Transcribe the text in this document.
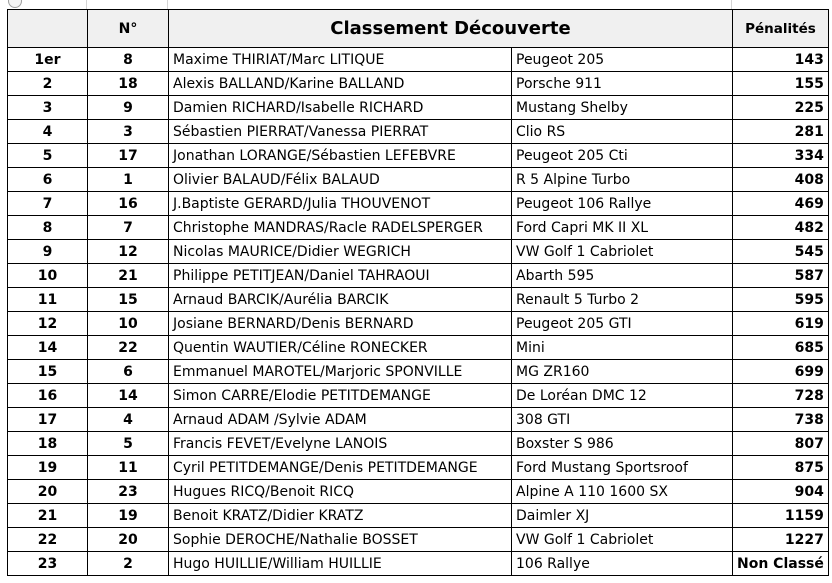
	N°	Classement Découverte		Pénalités
1er	8	Maxime THIRIAT/Marc LITIQUE	Peugeot 205	143
2	18	Alexis BALLAND/Karine BALLAND	Porsche 911	155
3	9	Damien RICHARD/Isabelle RICHARD	Mustang Shelby	225
4	3	Sébastien PIERRAT/Vanessa PIERRAT	Clio RS	281
5	17	Jonathan LORANGE/Sébastien LEFEBVRE	Peugeot 205 Cti	334
6	1	Olivier BALAUD/Félix BALAUD	R 5 Alpine Turbo	408
7	16	J.Baptiste GERARD/Julia THOUVENOT	Peugeot 106 Rallye	469
8	7	Christophe MANDRAS/Racle RADELSPERGER	Ford Capri MK II XL	482
9	12	Nicolas MAURICE/Didier WEGRICH	VW Golf 1 Cabriolet	545
10	21	Philippe PETITJEAN/Daniel TAHRAOUI	Abarth 595	587
11	15	Arnaud BARCIK/Aurélia BARCIK	Renault 5 Turbo 2	595
12	10	Josiane BERNARD/Denis BERNARD	Peugeot 205 GTI	619
14	22	Quentin WAUTIER/Céline RONECKER	Mini	685
15	6	Emmanuel MAROTEL/Marjoric SPONVILLE	MG ZR160	699
16	14	Simon CARRE/Elodie PETITDEMANGE	De Loréan DMC 12	728
17	4	Arnaud ADAM /Sylvie ADAM	308 GTI	738
18	5	Francis FEVET/Evelyne LANOIS	Boxster S 986	807
19	11	Cyril PETITDEMANGE/Denis PETITDEMANGE	Ford Mustang Sportsroof	875
20	23	Hugues RICQ/Benoit RICQ	Alpine A 110 1600 SX	904
21	19	Benoit KRATZ/Didier KRATZ	Daimler XJ	1159
22	20	Sophie DEROCHE/Nathalie BOSSET	VW Golf 1 Cabriolet	1227
23	2	Hugo HUILLIE/William HUILLIE	106 Rallye	Non Classé
